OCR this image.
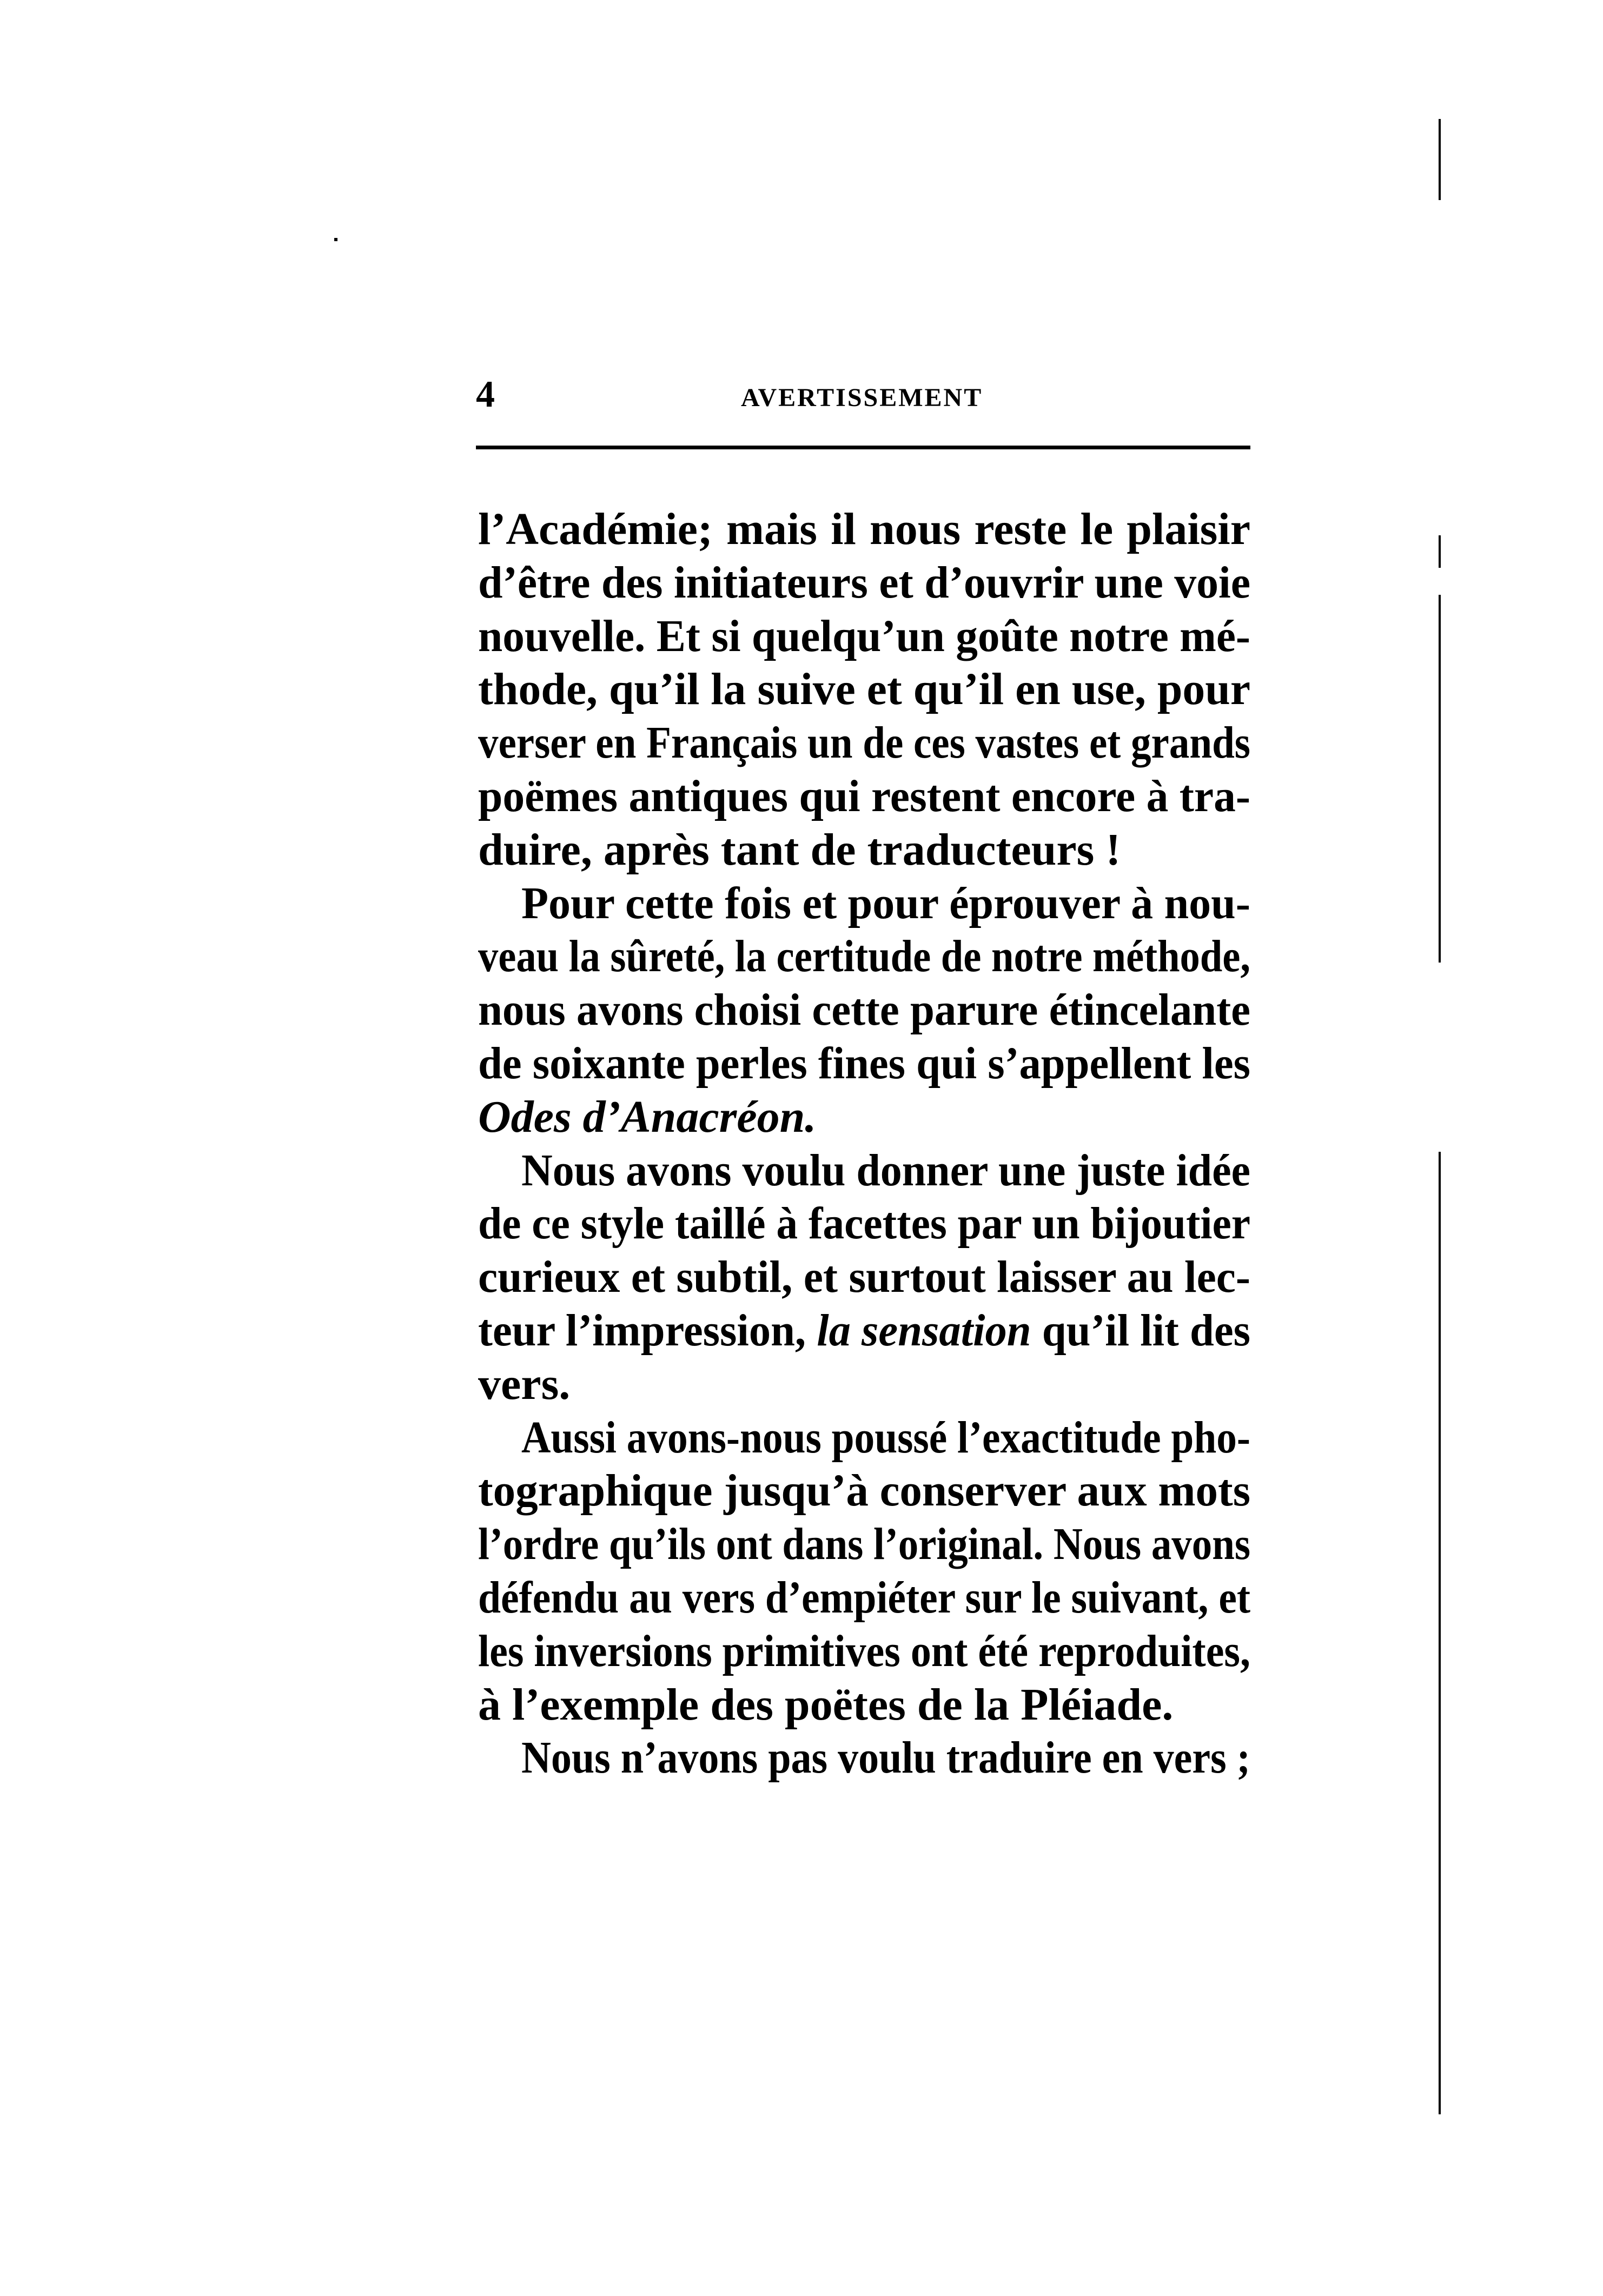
4	AVERTISSEMENT
l’Académie; mais il nous reste le plaisir
d’être des initiateurs et d’ouvrir une voie
nouvelle. Et si quelqu’un goûte notre mé-
thode, qu’il la suive et qu’il en use, pour
verser en Français un de ces vastes et grands
poëmes antiques qui restent encore à tra-
duire, après tant de traducteurs !
Pour cette fois et pour éprouver à nou-
veau la sûreté, la certitude de notre méthode,
nous avons choisi cette parure étincelante
de soixante perles fines qui s’appellent les
Odes d’Anacréon.
Nous avons voulu donner une juste idée
de ce style taillé à facettes par un bijoutier
curieux et subtil, et surtout laisser au lec-
teur l’impression, la sensation qu’il lit des
vers.
Aussi avons-nous poussé l’exactitude pho-
tographique jusqu’à conserver aux mots
l’ordre qu’ils ont dans l’original. Nous avons
défendu au vers d’empiéter sur le suivant, et
les inversions primitives ont été reproduites,
à l’exemple des poëtes de la Pléiade.
Nous n’avons pas voulu traduire en vers ;
